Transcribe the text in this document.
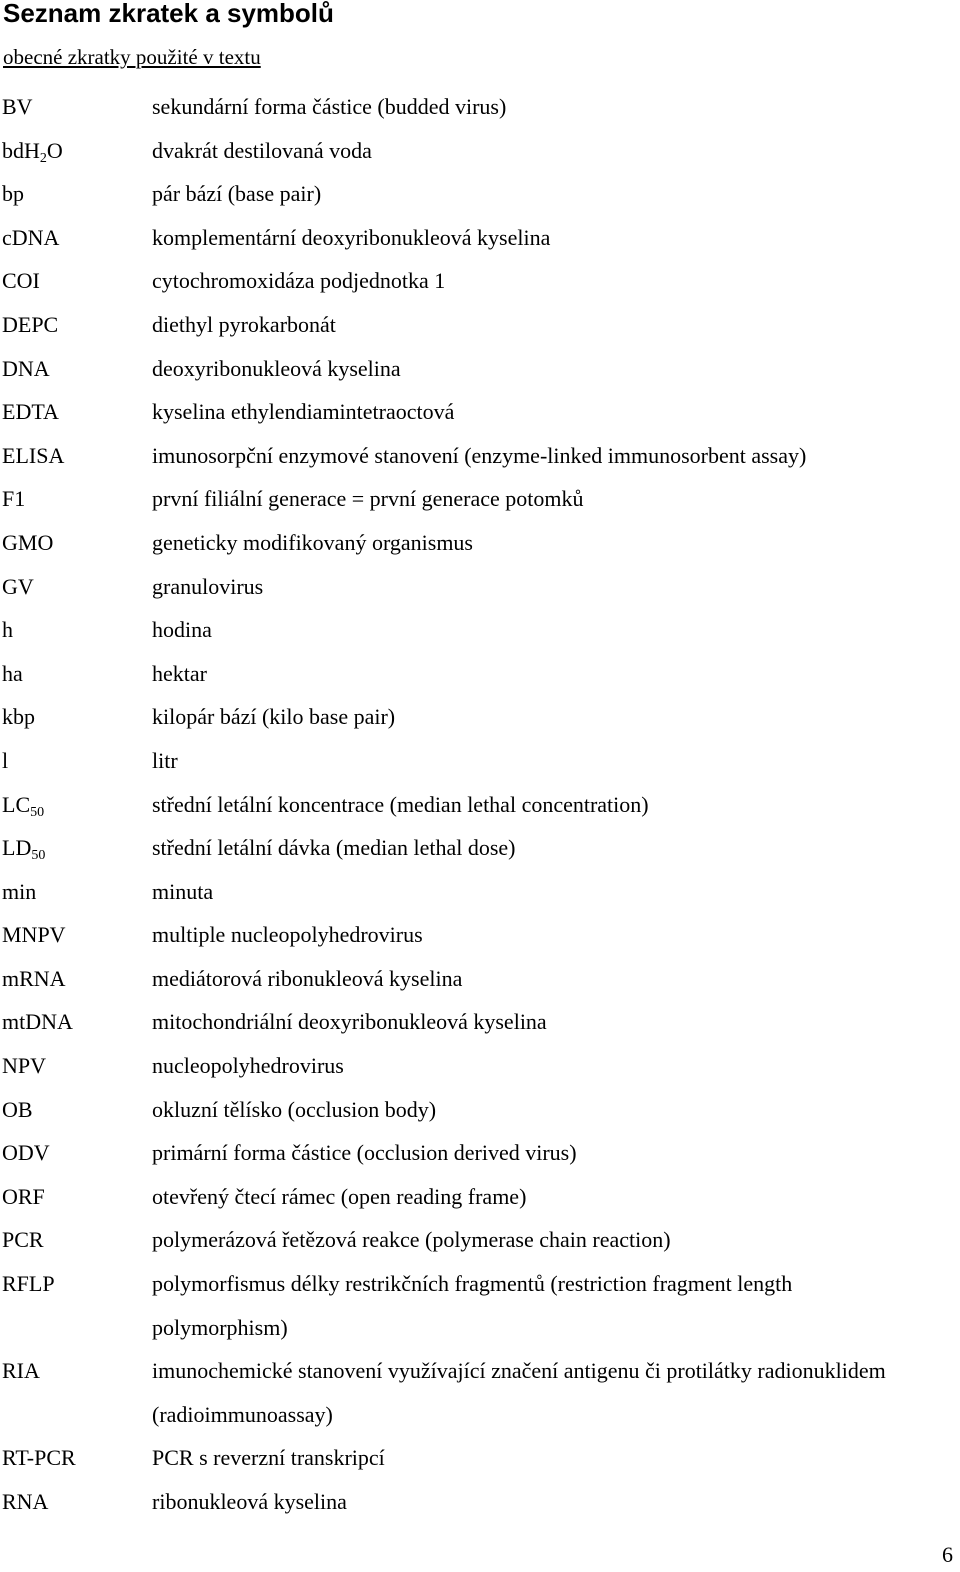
Seznam zkratek a symbolů
obecné zkratky použité v textu
BV	sekundární forma částice (budded virus)
bdH$_2$O	dvakrát destilovaná voda
bp	pár bází (base pair)
cDNA	komplementární deoxyribonukleová kyselina
COI	cytochromoxidáza podjednotka 1
DEPC	diethyl pyrokarbonát
DNA	deoxyribonukleová kyselina
EDTA	kyselina ethylendiamintetraoctová
ELISA	imunosorpční enzymové stanovení (enzyme-linked immunosorbent assay)
F1	první filiální generace = první generace potomků
GMO	geneticky modifikovaný organismus
GV	granulovirus
h	hodina
ha	hektar
kbp	kilopár bází (kilo base pair)
l	litr
$LC_{50}$	střední letální koncentrace (median lethal concentration)
$LD_{50}$	střední letální dávka (median lethal dose)
min	minuta
MNPV	multiple nucleopolyhedrovirus
mRNA	mediátorová ribonukleová kyselina
mtDNA	mitochondriální deoxyribonukleová kyselina
NPV	nucleopolyhedrovirus
OB	okluzní tělísko (occlusion body)
ODV	primární forma částice (occlusion derived virus)
ORF	otevřený čtecí rámec (open reading frame)
PCR	polymerázová řetězová reakce (polymerase chain reaction)
RFLP	polymorfismus délky restrikčních fragmentů (restriction fragment length polymorphism)
RIA	imunochemické stanovení využívající značení antigenu či protilátky radionuklidem (radioimmunoassay)
RT-PCR	PCR s reverzní transkripcí
RNA	ribonukleová kyselina
6
